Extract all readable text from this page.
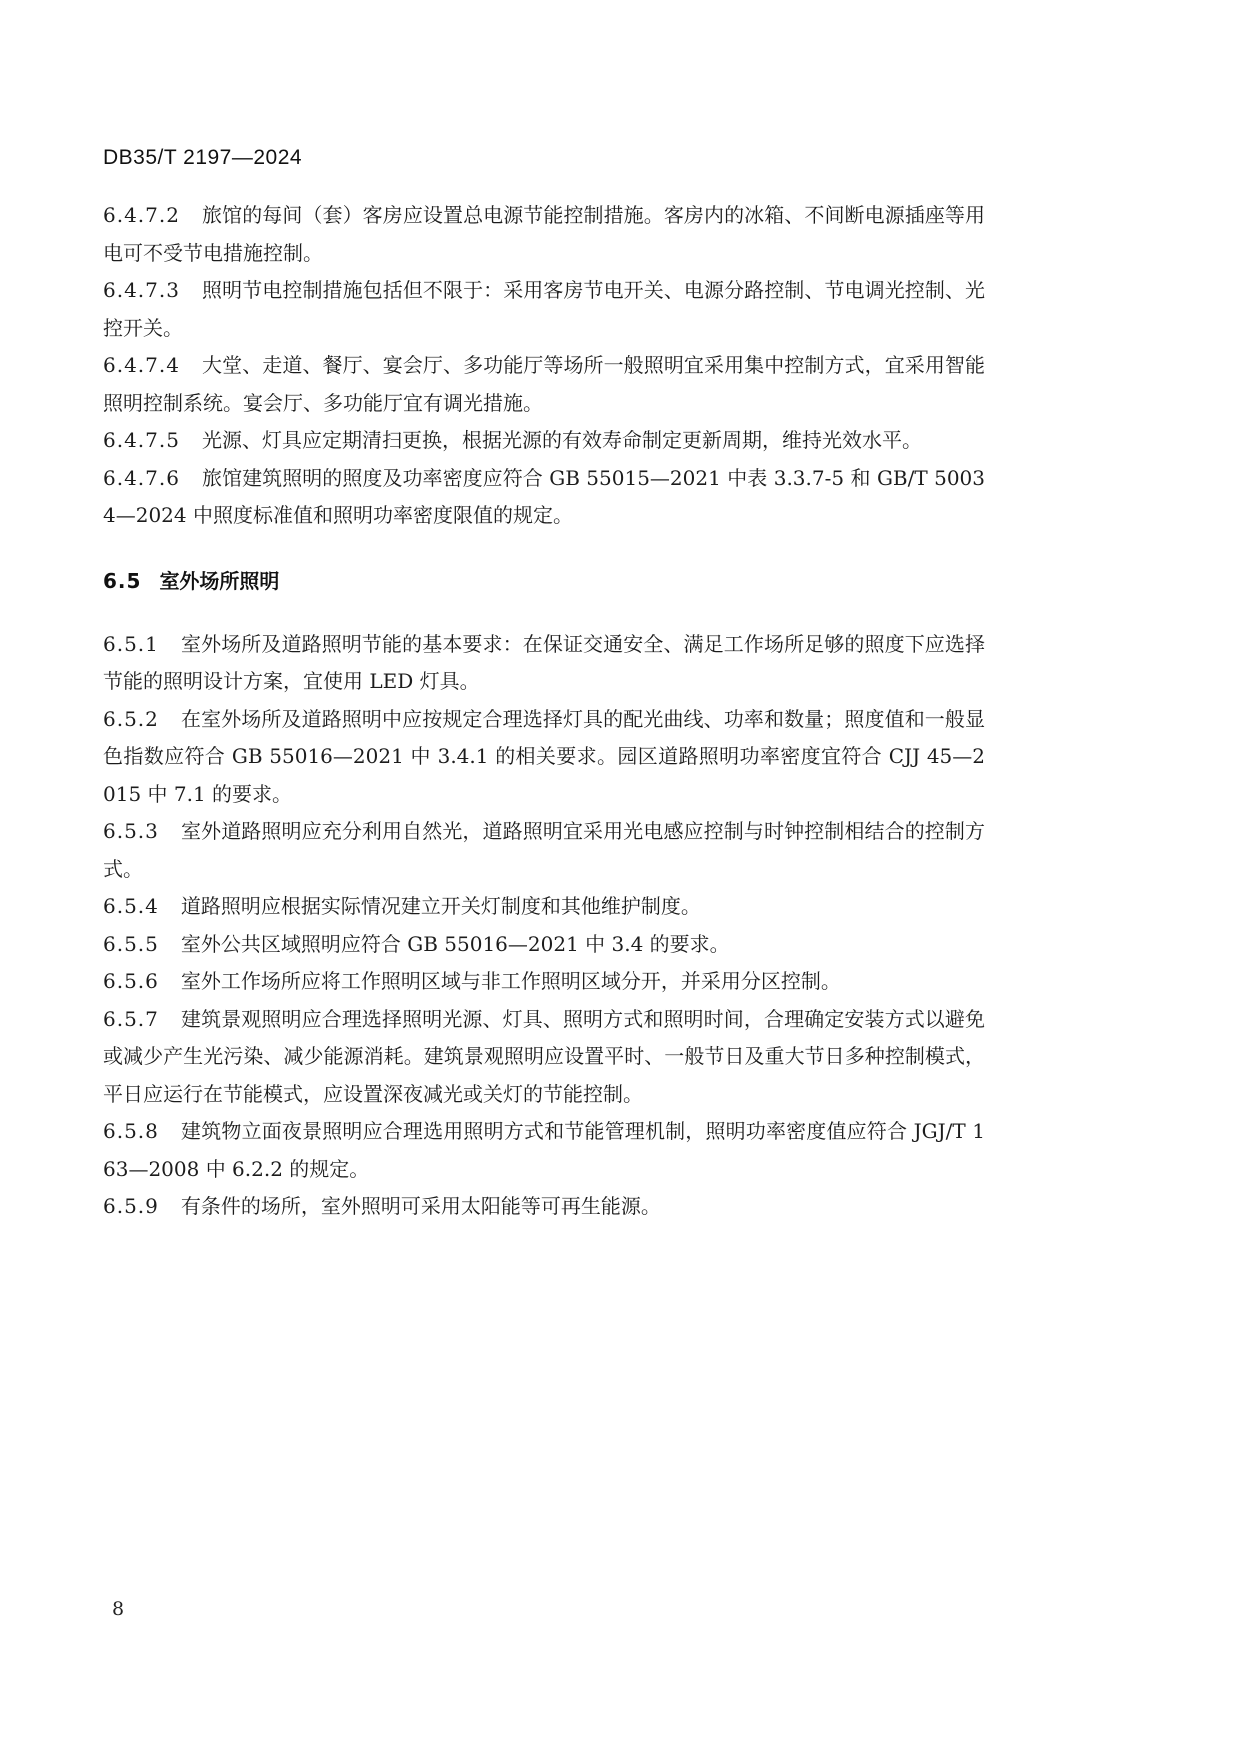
DB35/T 2197—2024

6.4.7.2 旅馆的每间（套）客房应设置总电源节能控制措施。客房内的冰箱、不间断电源插座等用电可不受节电措施控制。

6.4.7.3 照明节电控制措施包括但不限于：采用客房节电开关、电源分路控制、节电调光控制、光控开关。

6.4.7.4 大堂、走道、餐厅、宴会厅、多功能厅等场所一般照明宜采用集中控制方式，宜采用智能照明控制系统。宴会厅、多功能厅宜有调光措施。

6.4.7.5 光源、灯具应定期清扫更换，根据光源的有效寿命制定更新周期，维持光效水平。

6.4.7.6 旅馆建筑照明的照度及功率密度应符合 GB 55015—2021 中表 3.3.7-5 和 GB/T 50034—2024 中照度标准值和照明功率密度限值的规定。

6.5 室外场所照明

6.5.1 室外场所及道路照明节能的基本要求：在保证交通安全、满足工作场所足够的照度下应选择节能的照明设计方案，宜使用 LED 灯具。

6.5.2 在室外场所及道路照明中应按规定合理选择灯具的配光曲线、功率和数量；照度值和一般显色指数应符合 GB 55016—2021 中 3.4.1 的相关要求。园区道路照明功率密度宜符合 CJJ 45—2015 中 7.1 的要求。

6.5.3 室外道路照明应充分利用自然光，道路照明宜采用光电感应控制与时钟控制相结合的控制方式。

6.5.4 道路照明应根据实际情况建立开关灯制度和其他维护制度。

6.5.5 室外公共区域照明应符合 GB 55016—2021 中 3.4 的要求。

6.5.6 室外工作场所应将工作照明区域与非工作照明区域分开，并采用分区控制。

6.5.7 建筑景观照明应合理选择照明光源、灯具、照明方式和照明时间，合理确定安装方式以避免或减少产生光污染、减少能源消耗。建筑景观照明应设置平时、一般节日及重大节日多种控制模式，平日应运行在节能模式，应设置深夜减光或关灯的节能控制。

6.5.8 建筑物立面夜景照明应合理选用照明方式和节能管理机制，照明功率密度值应符合 JGJ/T 163—2008 中 6.2.2 的规定。

6.5.9 有条件的场所，室外照明可采用太阳能等可再生能源。

8
